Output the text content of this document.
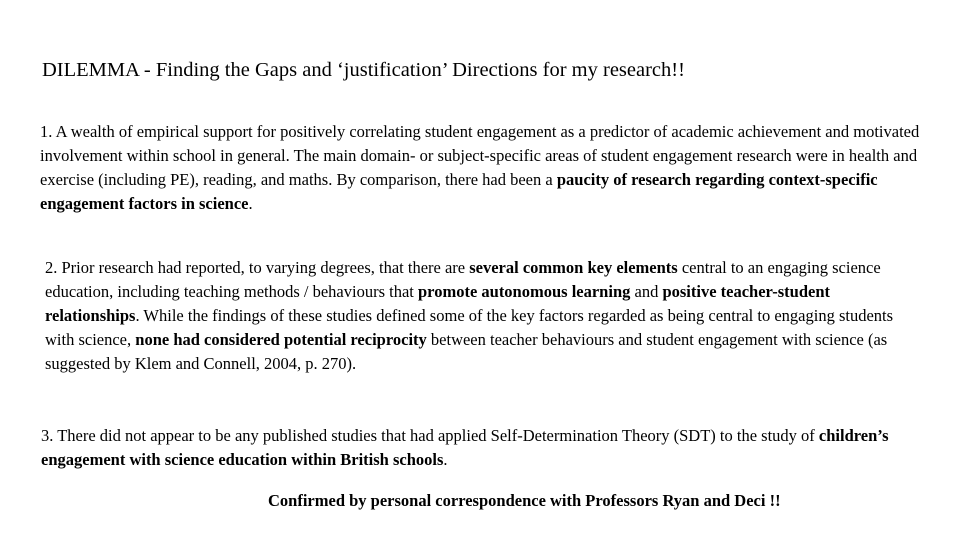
DILEMMA - Finding the Gaps and ‘justification’ Directions for my research!!

1. A wealth of empirical support for positively correlating student engagement as a predictor of academic achievement and motivated involvement within school in general. The main domain- or subject-specific areas of student engagement research were in health and exercise (including PE), reading, and maths. By comparison, there had been a paucity of research regarding context-specific engagement factors in science.

2. Prior research had reported, to varying degrees, that there are several common key elements central to an engaging science education, including teaching methods / behaviours that promote autonomous learning and positive teacher-student relationships. While the findings of these studies defined some of the key factors regarded as being central to engaging students with science, none had considered potential reciprocity between teacher behaviours and student engagement with science (as suggested by Klem and Connell, 2004, p. 270).

3. There did not appear to be any published studies that had applied Self-Determination Theory (SDT) to the study of children’s engagement with science education within British schools.

Confirmed by personal correspondence with Professors Ryan and Deci !!
